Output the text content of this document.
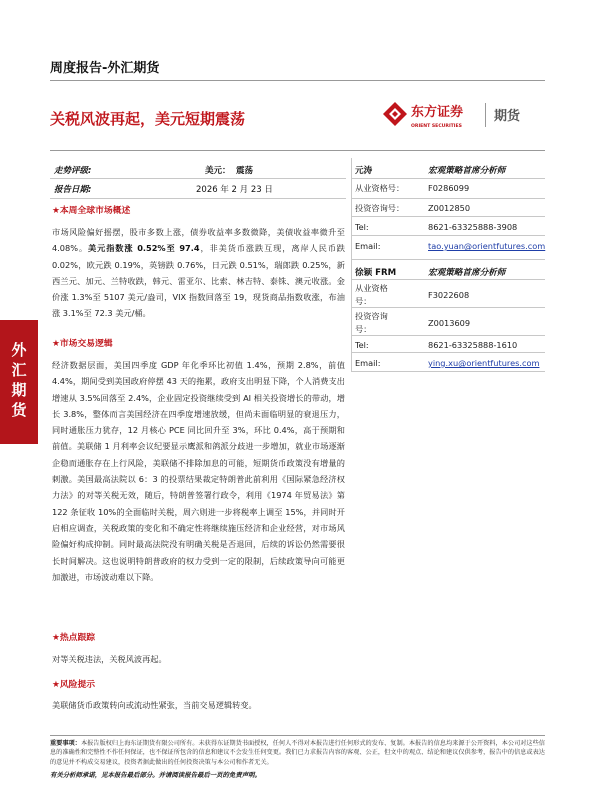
周度报告-外汇期货
关税风波再起，美元短期震荡	东方证券
ORIENT SECURITIES
期货
走势评级:	美元： 震荡
报告日期:	2026 年 2 月 23 日
★本周全球市场概述
市场风险偏好摇摆，股市多数上涨，债券收益率多数微降，美债收益率微升至 4.08%。美元指数涨 0.52%至 97.4，非美货币涨跌互现，离岸人民币跌 0.02%，欧元跌 0.19%，英镑跌 0.76%，日元跌 0.51%，瑞郎跌 0.25%，新西兰元、加元、兰特收跌，韩元、雷亚尔、比索、林吉特、泰铢、澳元收涨。金价涨 1.3%至 5107 美元/盎司，VIX 指数回落至 19，现货商品指数收涨，布油涨 3.1%至 72.3 美元/桶。
★市场交易逻辑
经济数据层面，美国四季度 GDP 年化季环比初值 1.4%，预期 2.8%，前值 4.4%，期间受到美国政府停摆 43 天的拖累，政府支出明显下降，个人消费支出增速从 3.5%回落至 2.4%，企业固定投资继续受到 AI 相关投资增长的带动，增长 3.8%，整体而言美国经济在四季度增速放缓，但尚未面临明显的衰退压力，同时通胀压力犹存，12 月核心 PCE 同比回升至 3%，环比 0.4%，高于预期和前值。美联储 1 月利率会议纪要显示鹰派和鸽派分歧进一步增加，就业市场逐渐企稳而通胀存在上行风险，美联储不排除加息的可能，短期货币政策没有增量的刺激。美国最高法院以 6：3 的投票结果裁定特朗普此前利用《国际紧急经济权力法》的对等关税无效，随后，特朗普签署行政令，利用《1974 年贸易法》第 122 条征收 10%的全面临时关税，周六则进一步将税率上调至 15%，并同时开启相应调查，关税政策的变化和不确定性将继续施压经济和企业经营，对市场风险偏好构成抑制。同时最高法院没有明确关税是否退回，后续的诉讼仍然需要很长时间解决。这也说明特朗普政府的权力受到一定的限制，后续政策导向可能更加激进，市场波动难以下降。
★热点跟踪
对等关税违法，关税风波再起。
★风险提示
美联储货币政策转向或流动性紧张，当前交易逻辑转变。
外
汇
期
货
元涛	宏观策略首席分析师
从业资格号：	F0286099
投资咨询号：	Z0012850
Tel:	8621-63325888-3908
Email:	tao.yuan@orientfutures.com
徐颖 FRM	宏观策略首席分析师
从业资格
号：
F3022608
投资咨询
号：
Z0013609
Tel:	8621-63325888-1610
Email:	ying.xu@orientfutures.com
重要事项：本报告版权归上海东证期货有限公司所有。未获得东证期货书面授权，任何人不得对本报告进行任何形式的发布、复制。本报告的信息均来源于公开资料，本公司对这些信息的准确性和完整性不作任何保证，也不保证所包含的信息和建议不会发生任何变更。我们已力求报告内容的客观、公正，但文中的观点、结论和建议仅供参考，报告中的信息或表达的意见并不构成交易建议，投资者据此做出的任何投资决策与本公司和作者无关。
有关分析师承诺，见本报告最后部分。并请阅读报告最后一页的免责声明。
